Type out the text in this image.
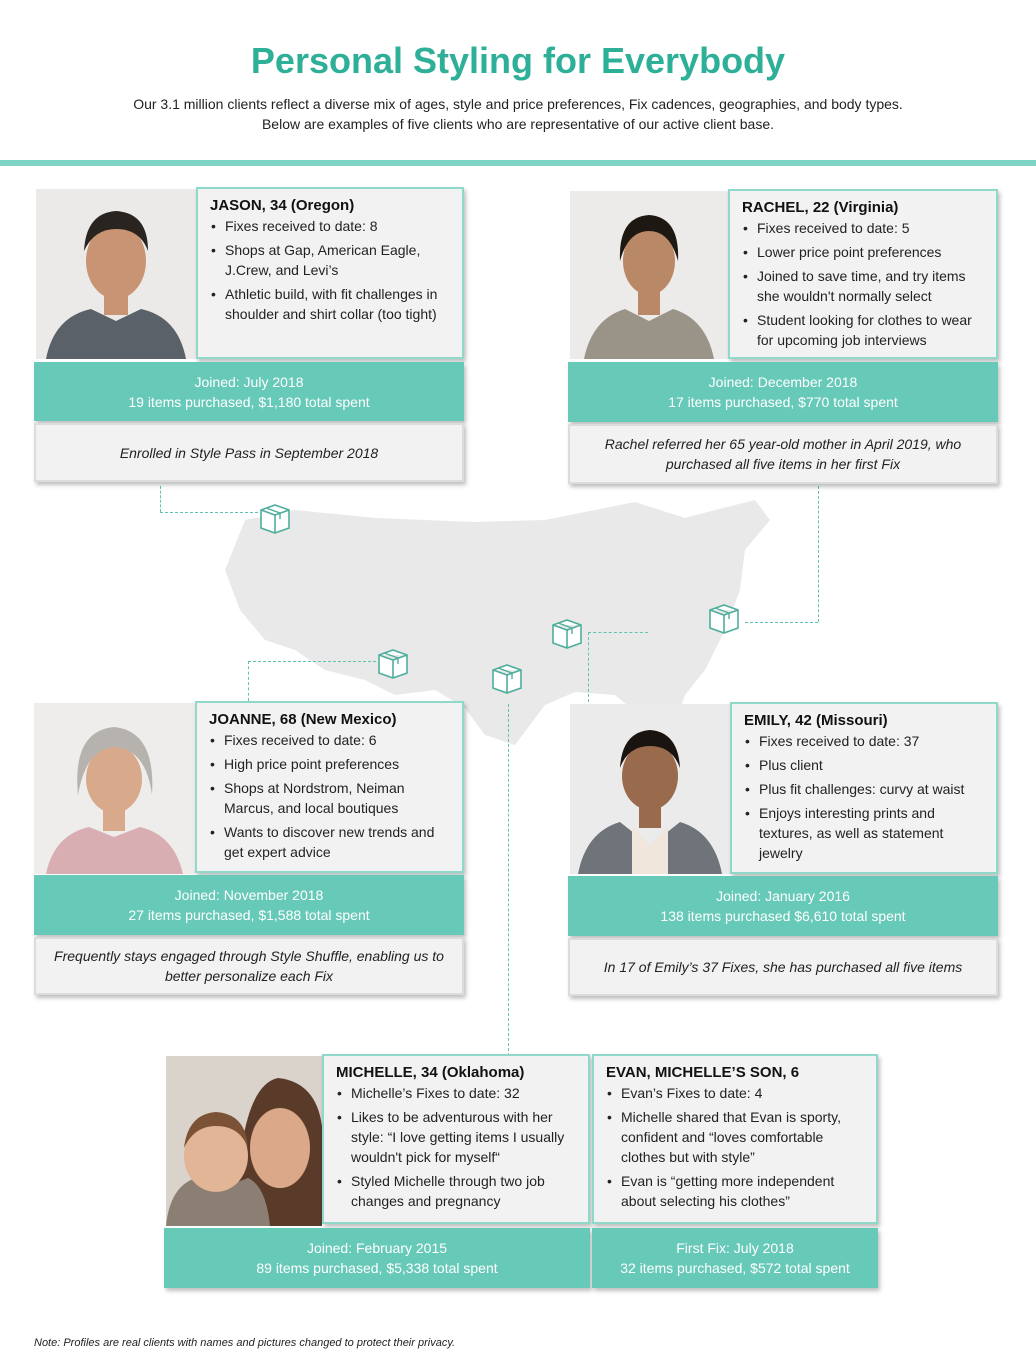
Personal Styling for Everybody
Our 3.1 million clients reflect a diverse mix of ages, style and price preferences, Fix cadences, geographies, and body types.
Below are examples of five clients who are representative of our active client base.
JASON, 34 (Oregon)
• Fixes received to date: 8
• Shops at Gap, American Eagle, J.Crew, and Levi’s
• Athletic build, with fit challenges in shoulder and shirt collar (too tight)
Joined: July 2018
19 items purchased, $1,180 total spent
Enrolled in Style Pass in September 2018
RACHEL, 22 (Virginia)
• Fixes received to date: 5
• Lower price point preferences
• Joined to save time, and try items she wouldn't normally select
• Student looking for clothes to wear for upcoming job interviews
Joined: December 2018
17 items purchased, $770 total spent
Rachel referred her 65 year-old mother in April 2019, who purchased all five items in her first Fix
JOANNE, 68 (New Mexico)
• Fixes received to date: 6
• High price point preferences
• Shops at Nordstrom, Neiman Marcus, and local boutiques
• Wants to discover new trends and get expert advice
Joined: November 2018
27 items purchased, $1,588 total spent
Frequently stays engaged through Style Shuffle, enabling us to better personalize each Fix
EMILY, 42 (Missouri)
• Fixes received to date: 37
• Plus client
• Plus fit challenges: curvy at waist
• Enjoys interesting prints and textures, as well as statement jewelry
Joined: January 2016
138 items purchased $6,610 total spent
In 17 of Emily’s 37 Fixes, she has purchased all five items
MICHELLE, 34 (Oklahoma)
• Michelle’s Fixes to date: 32
• Likes to be adventurous with her style: “I love getting items I usually wouldn't pick for myself“
• Styled Michelle through two job changes and pregnancy
EVAN, MICHELLE’S SON, 6
• Evan’s Fixes to date: 4
• Michelle shared that Evan is sporty, confident and “loves comfortable clothes but with style”
• Evan is “getting more independent about selecting his clothes”
Joined: February 2015
89 items purchased, $5,338 total spent
First Fix: July 2018
32 items purchased, $572 total spent
Note: Profiles are real clients with names and pictures changed to protect their privacy.
